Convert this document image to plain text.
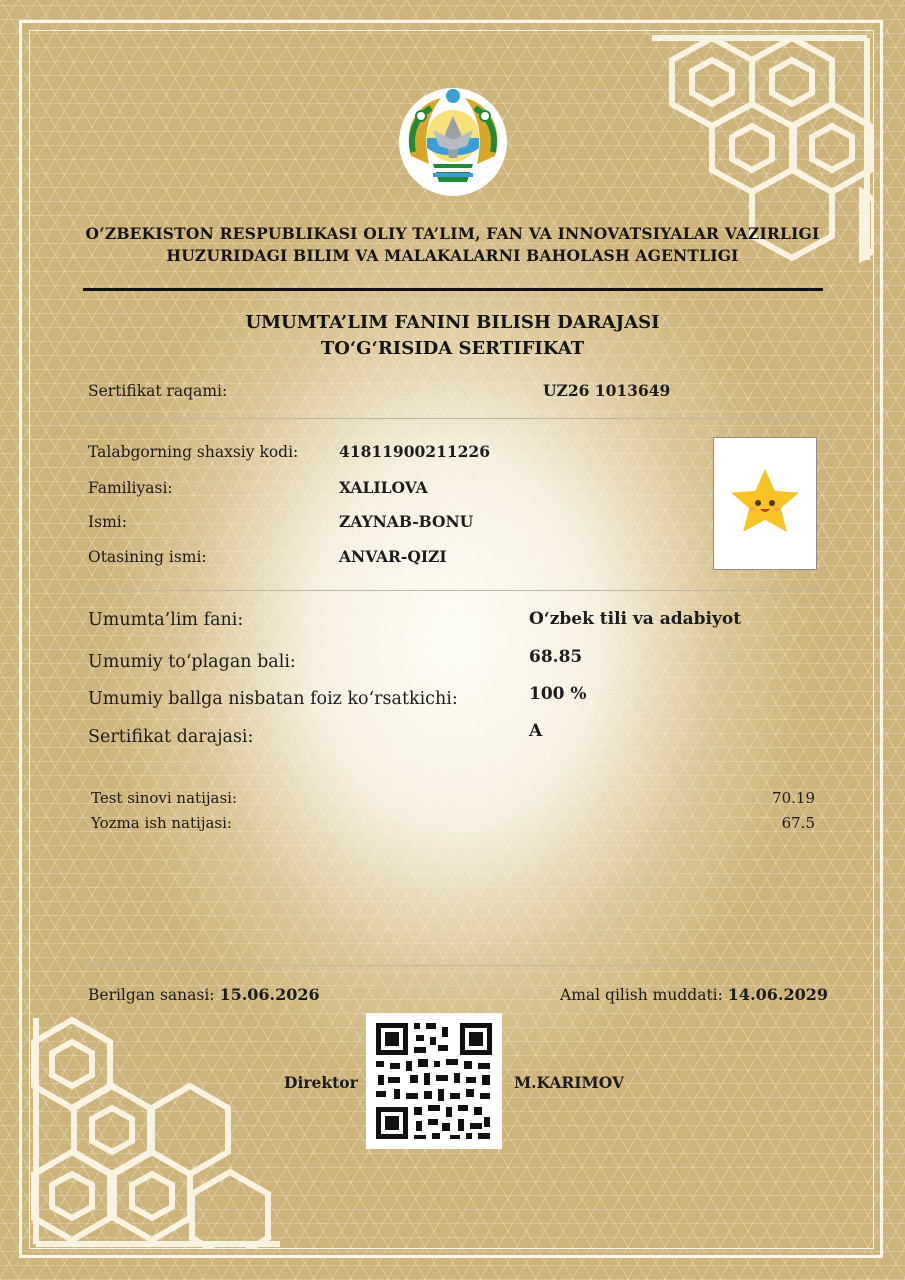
O‘ZBEKISTON RESPUBLIKASI OLIY TA’LIM, FAN VA INNOVATSIYALAR VAZIRLIGI
HUZURIDAGI BILIM VA MALAKALARNI BAHOLASH AGENTLIGI
UMUMTA’LIM FANINI BILISH DARAJASI
TO‘G‘RISIDA SERTIFIKAT
Sertifikat raqami:	UZ26 1013649
Talabgorning shaxsiy kodi:	41811900211226
Familiyasi:	XALILOVA
Ismi:	ZAYNAB-BONU
Otasining ismi:	ANVAR-QIZI
Umumta’lim fani:	O‘zbek tili va adabiyot
Umumiy to‘plagan bali:	68.85
Umumiy ballga nisbatan foiz ko‘rsatkichi:	100 %
Sertifikat darajasi:	A
Test sinovi natijasi:	70.19
Yozma ish natijasi:	67.5
Berilgan sanasi: 15.06.2026	Amal qilish muddati: 14.06.2029
Direktor	M.KARIMOV
